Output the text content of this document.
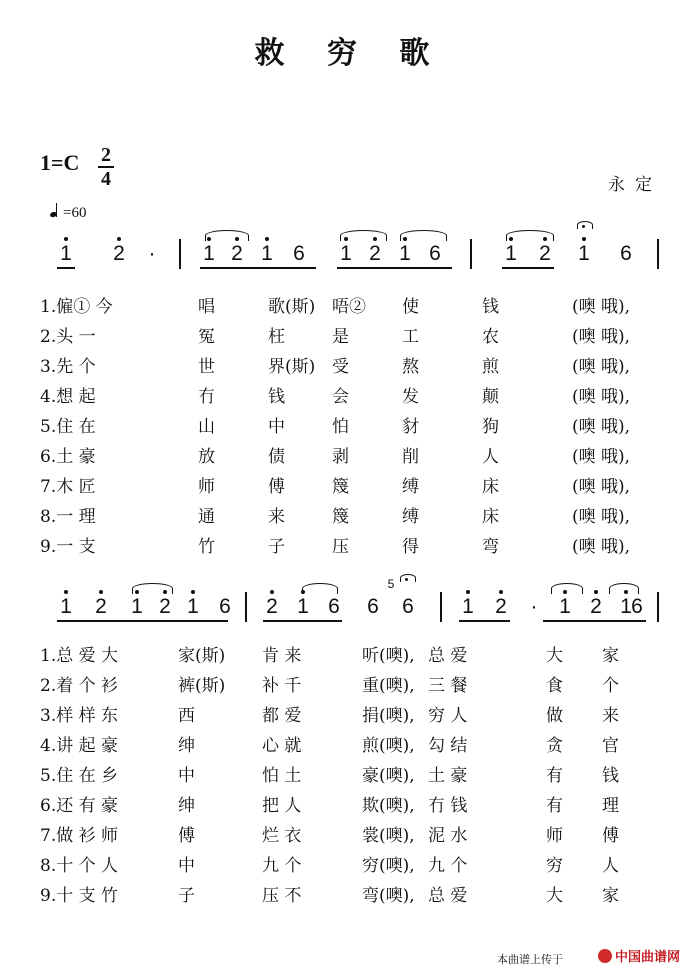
救 穷 歌
1=C 2
4	永定
=60
1 2 · 1 2 1 6 1 2 1 6	1 2 1 6
1 2 1 2 1 6 2 1 6 6
5
6 1 2 · 1 2 1 6
1.僱① 今	唱	歌(斯) 唔② 使	钱	(噢 哦),
2.头 一	冤	枉	是	工	农	(噢 哦),
3.先 个	世	界(斯) 受	熬	煎	(噢 哦),
4.想 起	冇	钱	会	发	颠	(噢 哦),
5.住 在	山	中	怕	豺	狗	(噢 哦),
6.土 豪	放	债	剥	削	人	(噢 哦),
7.木 匠	师	傅	篾	缚	床	(噢 哦),
8.一 理	通	来	篾	缚	床	(噢 哦),
9.一 支	竹	子	压	得	弯	(噢 哦),
1.总 爱 大	家(斯) 肯 来	听(噢), 总 爱	大 家
2.着 个 衫	裤(斯) 补 千	重(噢), 三 餐	食 个
3.样 样 东	西	都 爱	捐(噢), 穷 人	做 来
4.讲 起 豪	绅	心 就	煎(噢), 勾 结	贪 官
5.住 在 乡	中	怕 土	豪(噢), 土 豪	有 钱
6.还 有 豪	绅	把 人	欺(噢), 冇 钱	有 理
7.做 衫 师	傅	烂 衣	裳(噢), 泥 水	师 傅
8.十 个 人	中	九 个	穷(噢), 九 个	穷 人
9.十 支 竹	子	压 不	弯(噢), 总 爱	大 家
本曲谱上传于	中国曲谱网
